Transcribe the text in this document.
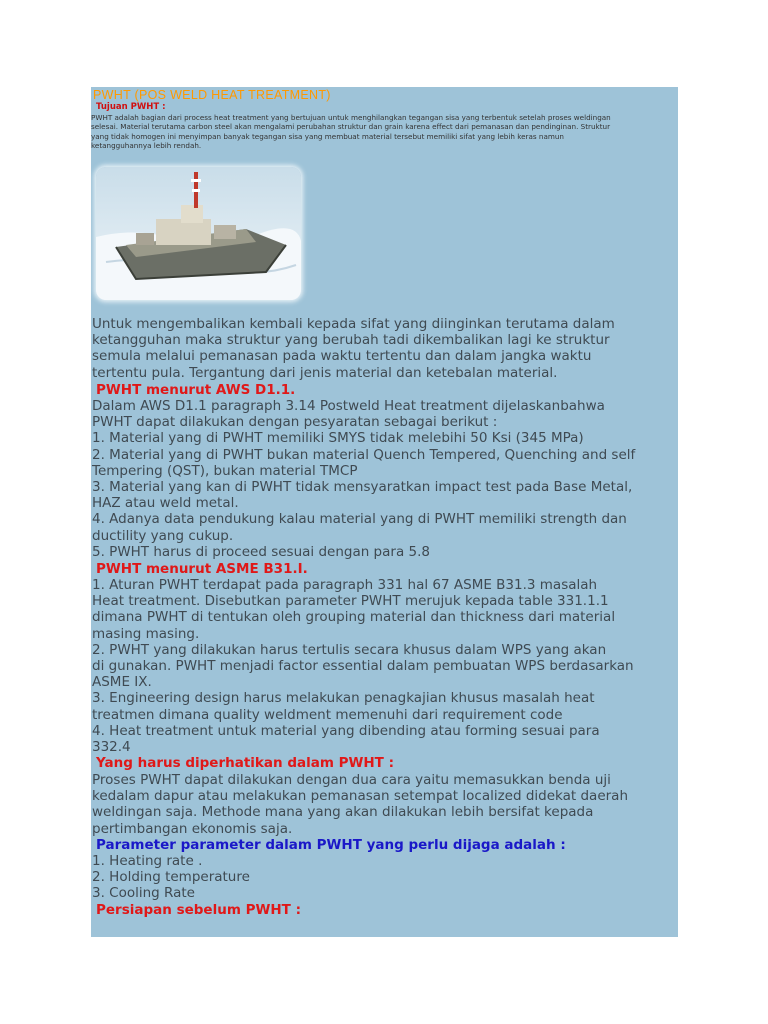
PWHT (POS WELD HEAT TREATMENT)
Tujuan PWHT :
PWHT adalah bagian dari process heat treatment yang bertujuan untuk menghilangkan tegangan sisa yang terbentuk setelah proses weldingan
selesai. Material terutama carbon steel akan mengalami perubahan struktur dan grain karena effect dari pemanasan dan pendinginan. Struktur
yang tidak homogen ini menyimpan banyak tegangan sisa yang membuat material tersebut memiliki sifat yang lebih keras namun
ketangguhannya lebih rendah.
Untuk mengembalikan kembali kepada sifat yang diinginkan terutama dalam
ketangguhan maka struktur yang berubah tadi dikembalikan lagi ke struktur
semula melalui pemanasan pada waktu tertentu dan dalam jangka waktu
tertentu pula. Tergantung dari jenis material dan ketebalan material.
PWHT menurut AWS D1.1.
Dalam AWS D1.1 paragraph 3.14 Postweld Heat treatment dijelaskanbahwa
PWHT dapat dilakukan dengan pesyaratan sebagai berikut :
1. Material yang di PWHT memiliki SMYS tidak melebihi 50 Ksi (345 MPa)
2. Material yang di PWHT bukan material Quench Tempered, Quenching and self
Tempering (QST), bukan material TMCP
3. Material yang kan di PWHT tidak mensyaratkan impact test pada Base Metal,
HAZ atau weld metal.
4. Adanya data pendukung kalau material yang di PWHT memiliki strength dan
ductility yang cukup.
5. PWHT harus di proceed sesuai dengan para 5.8
PWHT menurut ASME B31.I.
1. Aturan PWHT terdapat pada paragraph 331 hal 67 ASME B31.3 masalah
Heat treatment. Disebutkan parameter PWHT merujuk kepada table 331.1.1
dimana PWHT di tentukan oleh grouping material dan thickness dari material
masing masing.
2. PWHT yang dilakukan harus tertulis secara khusus dalam WPS yang akan
di gunakan. PWHT menjadi factor essential dalam pembuatan WPS berdasarkan
ASME IX.
3. Engineering design harus melakukan penagkajian khusus masalah heat
treatmen dimana quality weldment memenuhi dari requirement code
4. Heat treatment untuk material yang dibending atau forming sesuai para
332.4
Yang harus diperhatikan dalam PWHT :
Proses PWHT dapat dilakukan dengan dua cara yaitu memasukkan benda uji
kedalam dapur atau melakukan pemanasan setempat localized didekat daerah
weldingan saja. Methode mana yang akan dilakukan lebih bersifat kepada
pertimbangan ekonomis saja.
Parameter parameter dalam PWHT yang perlu dijaga adalah :
1. Heating rate .
2. Holding temperature
3. Cooling Rate
Persiapan sebelum PWHT :
